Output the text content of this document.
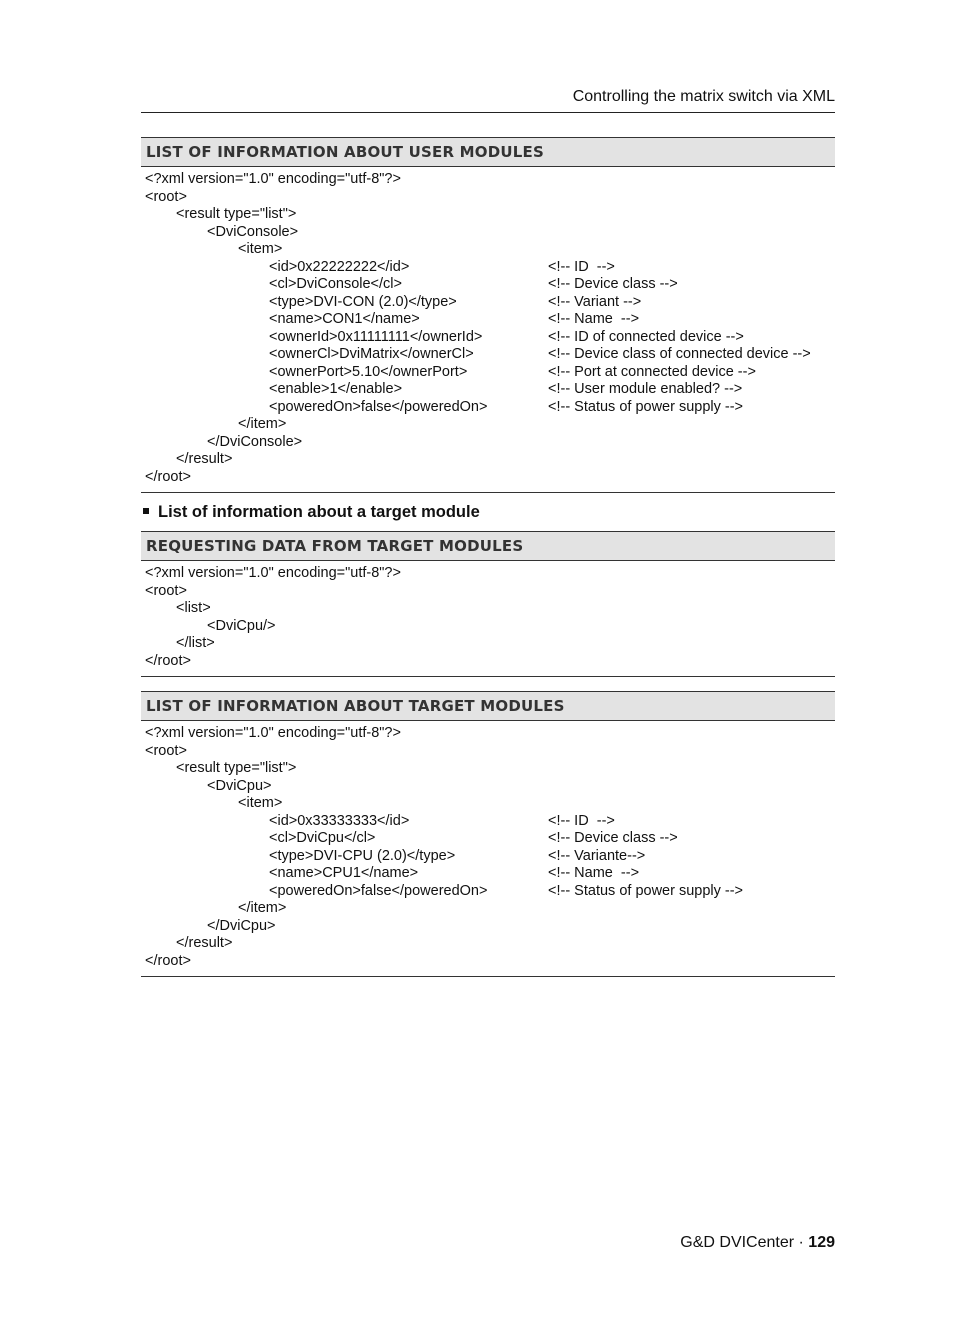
Controlling the matrix switch via XML
LIST OF INFORMATION ABOUT USER MODULES
<?xml version="1.0" encoding="utf-8"?>
<root>
<result type="list">
<DviConsole>
<item>
<id>0x22222222</id>	<!-- ID  -->
<cl>DviConsole</cl>	<!-- Device class -->
<type>DVI-CON (2.0)</type>	<!-- Variant -->
<name>CON1</name>	<!-- Name  -->
<ownerId>0x11111111</ownerId>	<!-- ID of connected device -->
<ownerCl>DviMatrix</ownerCl>	<!-- Device class of connected device -->
<ownerPort>5.10</ownerPort>	<!-- Port at connected device -->
<enable>1</enable>	<!-- User module enabled? -->
<poweredOn>false</poweredOn>	<!-- Status of power supply -->
</item>
</DviConsole>
</result>
</root>
List of information about a target module
REQUESTING DATA FROM TARGET MODULES
<?xml version="1.0" encoding="utf-8"?>
<root>
<list>
<DviCpu/>
</list>
</root>
LIST OF INFORMATION ABOUT TARGET MODULES
<?xml version="1.0" encoding="utf-8"?>
<root>
<result type="list">
<DviCpu>
<item>
<id>0x33333333</id>	<!-- ID  -->
<cl>DviCpu</cl>	<!-- Device class -->
<type>DVI-CPU (2.0)</type>	<!-- Variante-->
<name>CPU1</name>	<!-- Name  -->
<poweredOn>false</poweredOn>	<!-- Status of power supply -->
</item>
</DviCpu>
</result>
</root>
G&D DVICenter · 129
